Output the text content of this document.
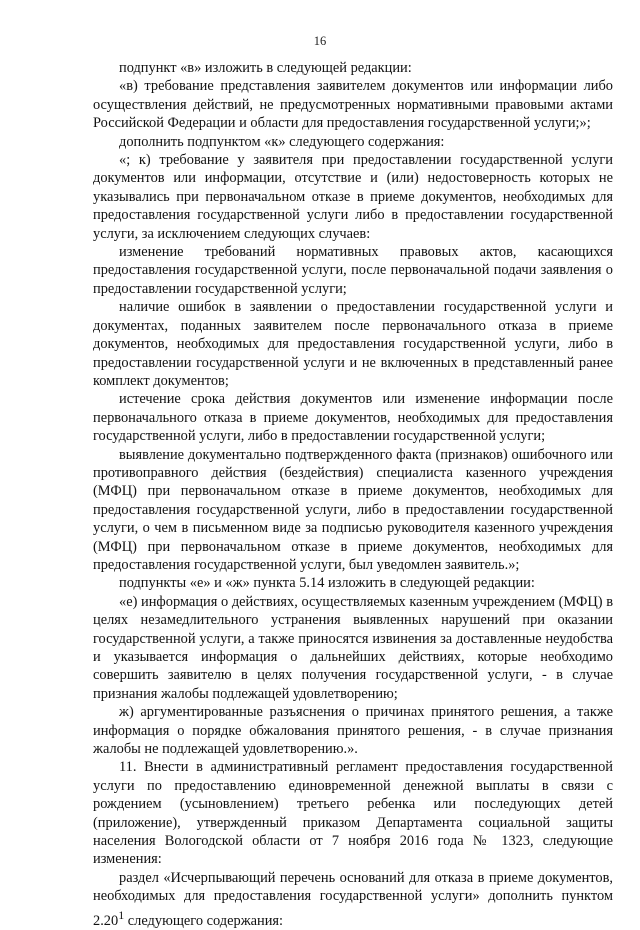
16

подпункт «в» изложить в следующей редакции:

«в) требование представления заявителем документов или информации либо осуществления действий, не предусмотренных нормативными правовыми актами Российской Федерации и области для предоставления государственной услуги;»;

дополнить подпунктом «к» следующего содержания:

«; к) требование у заявителя при предоставлении государственной услуги документов или информации, отсутствие и (или) недостоверность которых не указывались при первоначальном отказе в приеме документов, необходимых для предоставления государственной услуги либо в предоставлении государственной услуги, за исключением следующих случаев:

изменение требований нормативных правовых актов, касающихся предоставления государственной услуги, после первоначальной подачи заявления о предоставлении государственной услуги;

наличие ошибок в заявлении о предоставлении государственной услуги и документах, поданных заявителем после первоначального отказа в приеме документов, необходимых для предоставления государственной услуги, либо в предоставлении государственной услуги и не включенных в представленный ранее комплект документов;

истечение срока действия документов или изменение информации после первоначального отказа в приеме документов, необходимых для предоставления государственной услуги, либо в предоставлении государственной услуги;

выявление документально подтвержденного факта (признаков) ошибочного или противоправного действия (бездействия) специалиста казенного учреждения (МФЦ) при первоначальном отказе в приеме документов, необходимых для предоставления государственной услуги, либо в предоставлении государственной услуги, о чем в письменном виде за подписью руководителя казенного учреждения (МФЦ) при первоначальном отказе в приеме документов, необходимых для предоставления государственной услуги, был уведомлен заявитель.»;

подпункты «е» и «ж» пункта 5.14 изложить в следующей редакции:

«е) информация о действиях, осуществляемых казенным учреждением (МФЦ) в целях незамедлительного устранения выявленных нарушений при оказании государственной услуги, а также приносятся извинения за доставленные неудобства и указывается информация о дальнейших действиях, которые необходимо совершить заявителю в целях получения государственной услуги, - в случае признания жалобы подлежащей удовлетворению;

ж) аргументированные разъяснения о причинах принятого решения, а также информация о порядке обжалования принятого решения, - в случае признания жалобы не подлежащей удовлетворению.».

11. Внести в административный регламент предоставления государственной услуги по предоставлению единовременной денежной выплаты в связи с рождением (усыновлением) третьего ребенка или последующих детей (приложение), утвержденный приказом Департамента социальной защиты населения Вологодской области от 7 ноября 2016 года № 1323, следующие изменения:

раздел «Исчерпывающий перечень оснований для отказа в приеме документов, необходимых для предоставления государственной услуги» дополнить пунктом 2.20$^1$ следующего содержания:
